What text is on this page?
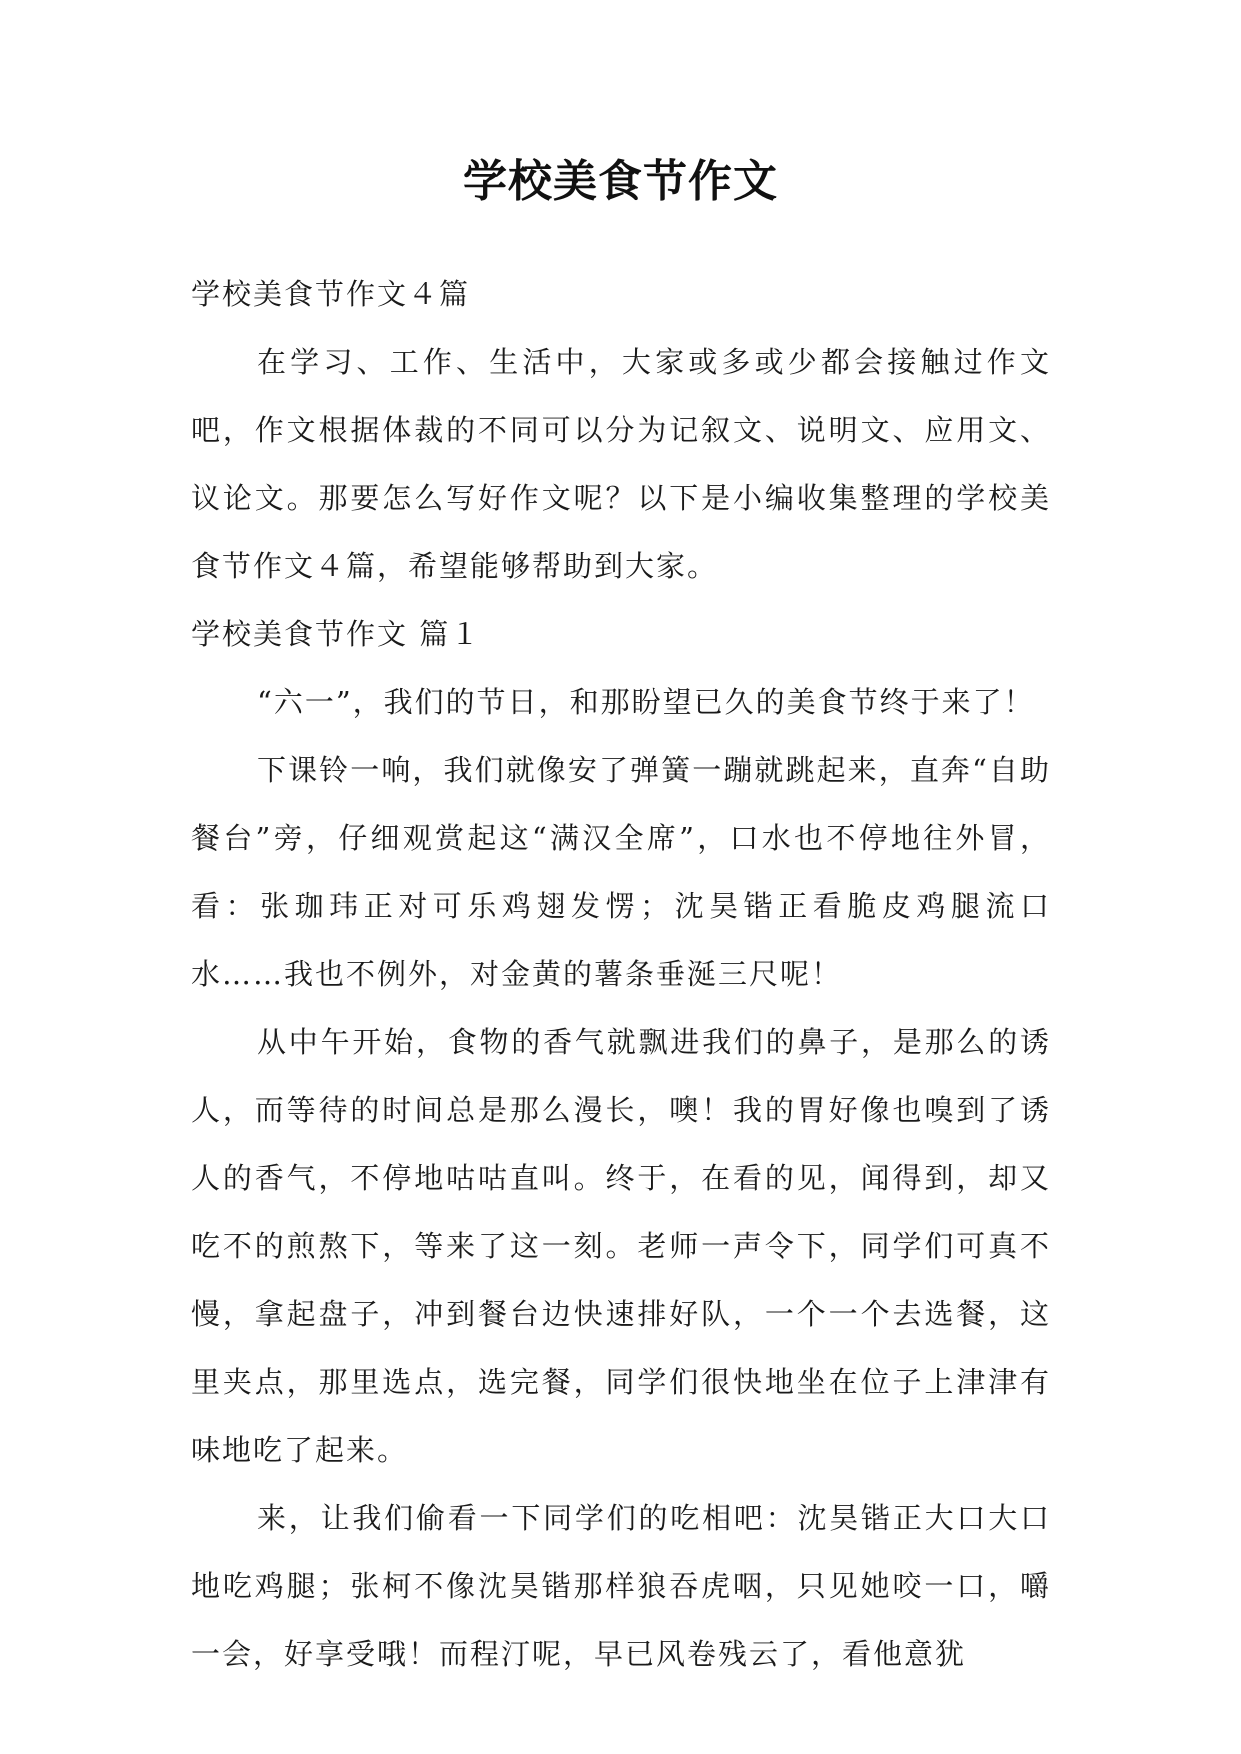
学校美食节作文

学校美食节作文４篇

在学习、工作、生活中，大家或多或少都会接触过作文吧，作文根据体裁的不同可以分为记叙文、说明文、应用文、议论文。那要怎么写好作文呢？以下是小编收集整理的学校美食节作文４篇，希望能够帮助到大家。

学校美食节作文 篇１

“六一”，我们的节日，和那盼望已久的美食节终于来了！

下课铃一响，我们就像安了弹簧一蹦就跳起来，直奔“自助餐台”旁，仔细观赏起这“满汉全席”，口水也不停地往外冒，看：张珈玮正对可乐鸡翅发愣；沈昊锴正看脆皮鸡腿流口水……我也不例外，对金黄的薯条垂涎三尺呢！

从中午开始，食物的香气就飘进我们的鼻子，是那么的诱人，而等待的时间总是那么漫长，噢！我的胃好像也嗅到了诱人的香气，不停地咕咕直叫。终于，在看的见，闻得到，却又吃不的煎熬下，等来了这一刻。老师一声令下，同学们可真不慢，拿起盘子，冲到餐台边快速排好队，一个一个去选餐，这里夹点，那里选点，选完餐，同学们很快地坐在位子上津津有味地吃了起来。

来，让我们偷看一下同学们的吃相吧：沈昊锴正大口大口地吃鸡腿；张柯不像沈昊锴那样狼吞虎咽，只见她咬一口，嚼一会，好享受哦！而程汀呢，早已风卷残云了，看他意犹
